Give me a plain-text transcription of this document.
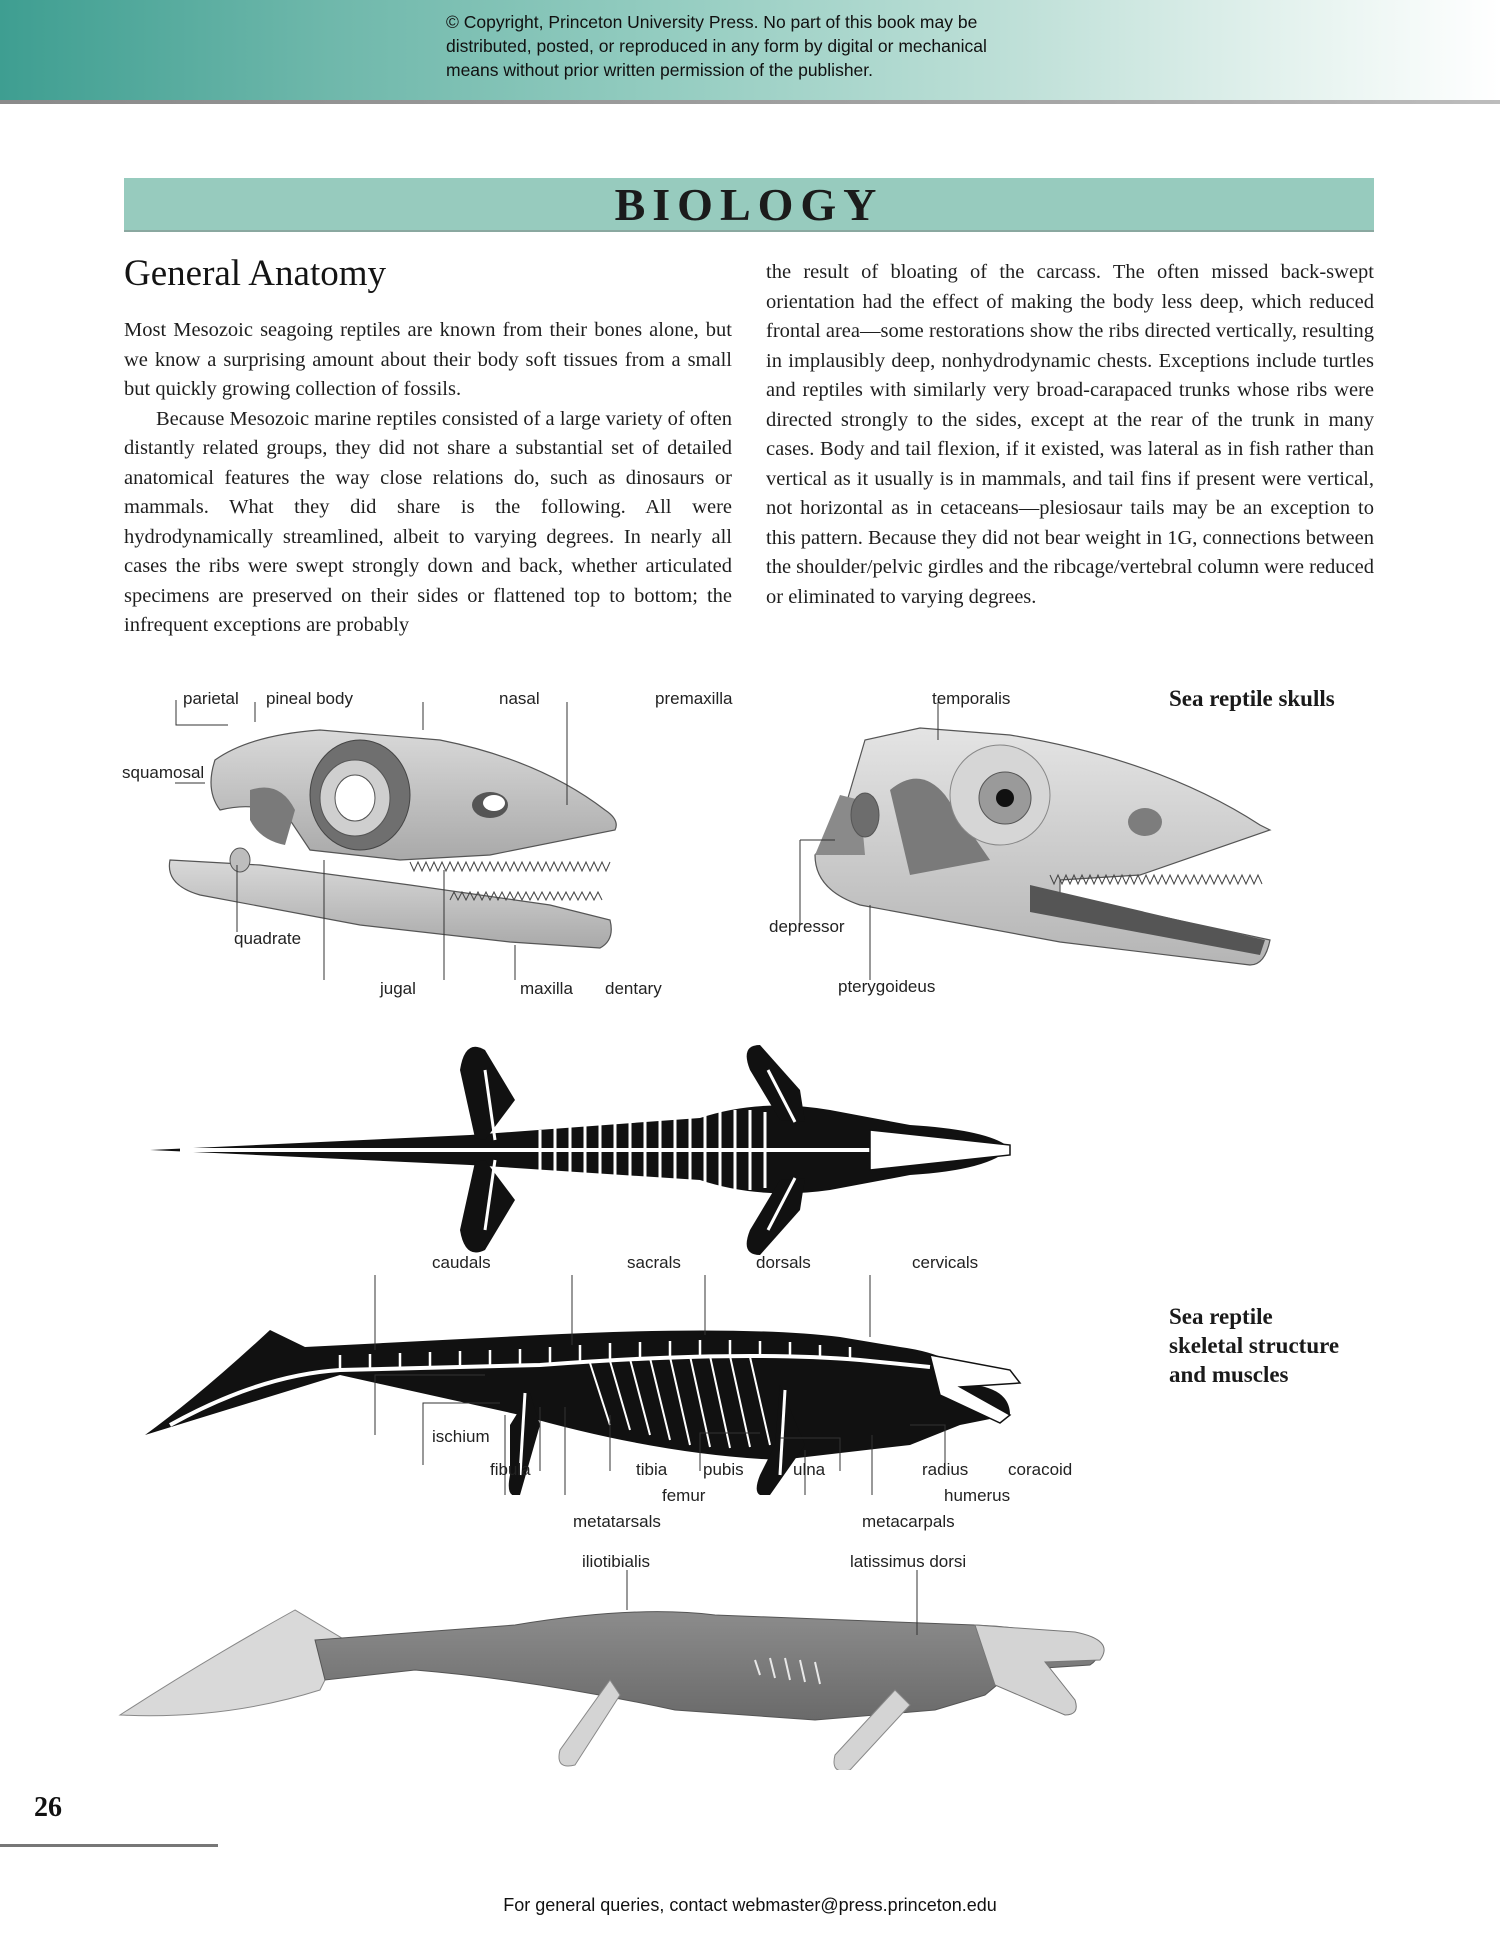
© Copyright, Princeton University Press. No part of this book may be
distributed, posted, or reproduced in any form by digital or mechanical
means without prior written permission of the publisher.
BIOLOGY
General Anatomy

Most Mesozoic seagoing reptiles are known from their bones alone, but we know a surprising amount about their body soft tissues from a small but quickly growing collection of fossils.

Because Mesozoic marine reptiles consisted of a large variety of often distantly related groups, they did not share a substantial set of detailed anatomical features the way close relations do, such as dinosaurs or mammals. What they did share is the following. All were hydrodynamically streamlined, albeit to varying degrees. In nearly all cases the ribs were swept strongly down and back, whether articulated specimens are preserved on their sides or flattened top to bottom; the infrequent exceptions are probably

the result of bloating of the carcass. The often missed back-swept orientation had the effect of making the body less deep, which reduced frontal area—some restorations show the ribs directed vertically, resulting in implausibly deep, nonhydrodynamic chests. Exceptions include turtles and reptiles with similarly very broad-carapaced trunks whose ribs were directed strongly to the sides, except at the rear of the trunk in many cases. Body and tail flexion, if it existed, was lateral as in fish rather than vertical as it usually is in mammals, and tail fins if present were vertical, not horizontal as in cetaceans—plesiosaur tails may be an exception to this pattern. Because they did not bear weight in 1G, connections between the shoulder/pelvic girdles and the ribcage/vertebral column were reduced or eliminated to varying degrees.

parietal pineal body	nasal	premaxilla
squamosal
quadrate
jugal	maxilla dentary
temporalis
depressor
pterygoideus
Sea reptile skulls
caudals	sacrals	dorsals	cervicals
ischium
fibula	tibia pubis
femur
metatarsals
ulna	radius coracoid
humerus
metacarpals
Sea reptile
skeletal structure
and muscles
iliotibialis	latissimus dorsi
26
For general queries, contact webmaster@press.princeton.edu
